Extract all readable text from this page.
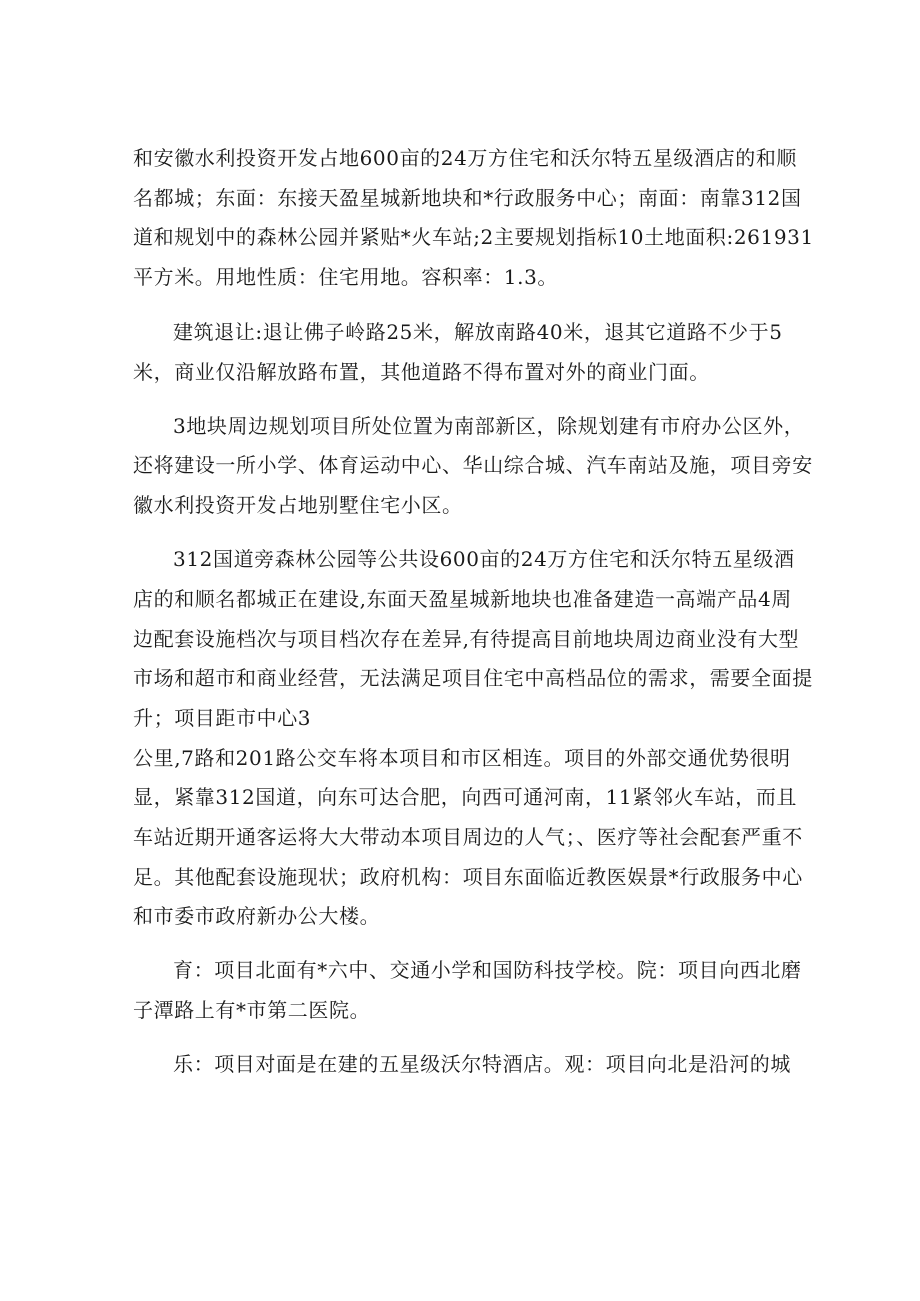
和安徽水利投资开发占地600亩的24万方住宅和沃尔特五星级酒店的和顺
名都城；东面：东接天盈星城新地块和*行政服务中心；南面：南靠312国
道和规划中的森林公园并紧贴*火车站;2主要规划指标10土地面积:261931
平方米。用地性质：住宅用地。容积率：1.3。
建筑退让:退让佛子岭路25米，解放南路40米，退其它道路不少于5
米，商业仅沿解放路布置，其他道路不得布置对外的商业门面。
3地块周边规划项目所处位置为南部新区，除规划建有市府办公区外，
还将建设一所小学、体育运动中心、华山综合城、汽车南站及施，项目旁安
徽水利投资开发占地别墅住宅小区。
312国道旁森林公园等公共设600亩的24万方住宅和沃尔特五星级酒
店的和顺名都城正在建设,东面天盈星城新地块也准备建造一高端产品4周
边配套设施档次与项目档次存在差异,有待提高目前地块周边商业没有大型
市场和超市和商业经营，无法满足项目住宅中高档品位的需求，需要全面提
升；项目距市中心3
公里,7路和201路公交车将本项目和市区相连。项目的外部交通优势很明
显，紧靠312国道，向东可达合肥，向西可通河南，11紧邻火车站，而且
车站近期开通客运将大大带动本项目周边的人气；、医疗等社会配套严重不
足。其他配套设施现状；政府机构：项目东面临近教医娱景*行政服务中心
和市委市政府新办公大楼。
育：项目北面有*六中、交通小学和国防科技学校。院：项目向西北磨
子潭路上有*市第二医院。
乐：项目对面是在建的五星级沃尔特酒店。观：项目向北是沿河的城
